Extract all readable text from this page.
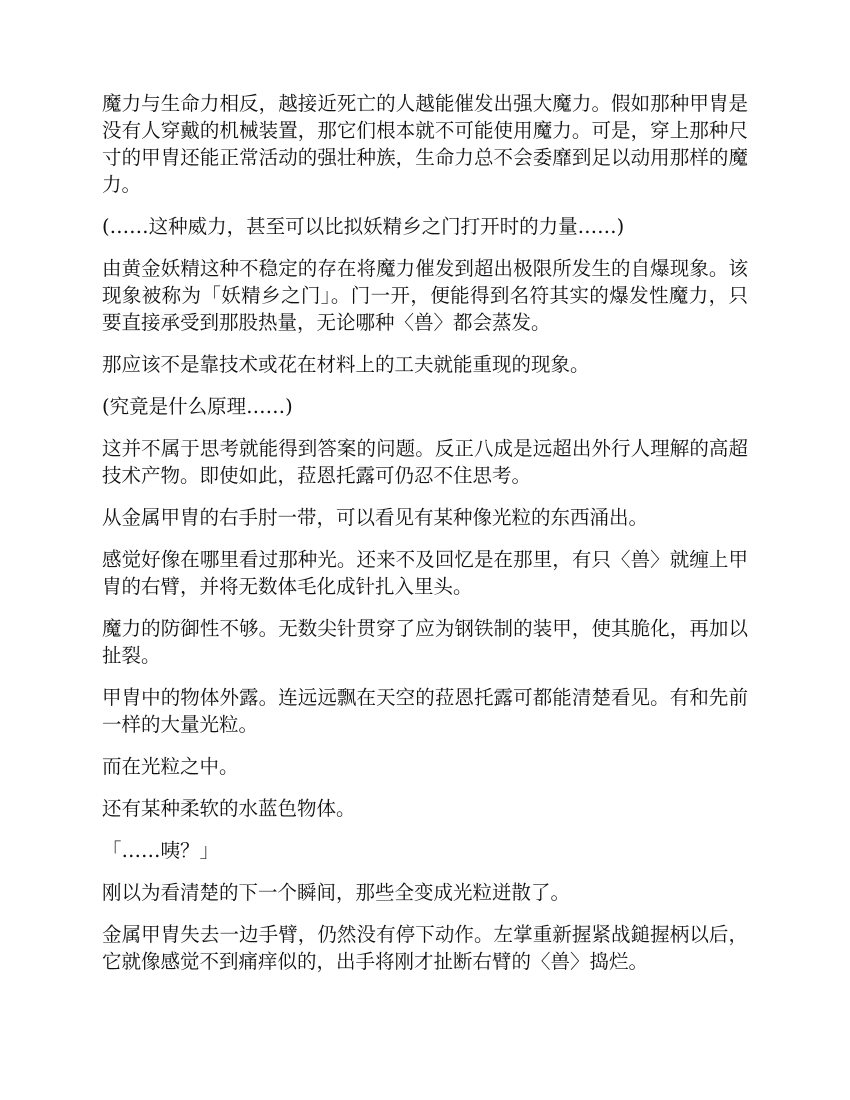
魔力与生命力相反，越接近死亡的人越能催发出强大魔力。假如那种甲胄是没有人穿戴的机械装置，那它们根本就不可能使用魔力。可是，穿上那种尺寸的甲胄还能正常活动的强壮种族，生命力总不会委靡到足以动用那样的魔力。

(……这种威力，甚至可以比拟妖精乡之门打开时的力量……)

由黄金妖精这种不稳定的存在将魔力催发到超出极限所发生的自爆现象。该现象被称为「妖精乡之门」。门一开，便能得到名符其实的爆发性魔力，只要直接承受到那股热量，无论哪种〈兽〉都会蒸发。

那应该不是靠技术或花在材料上的工夫就能重现的现象。

(究竟是什么原理……)

这并不属于思考就能得到答案的问题。反正八成是远超出外行人理解的高超技术产物。即使如此，菈恩托露可仍忍不住思考。

从金属甲胄的右手肘一带，可以看见有某种像光粒的东西涌出。

感觉好像在哪里看过那种光。还来不及回忆是在那里，有只〈兽〉就缠上甲胄的右臂，并将无数体毛化成针扎入里头。

魔力的防御性不够。无数尖针贯穿了应为钢铁制的装甲，使其脆化，再加以扯裂。

甲胄中的物体外露。连远远飘在天空的菈恩托露可都能清楚看见。有和先前一样的大量光粒。

而在光粒之中。

还有某种柔软的水蓝色物体。

「……咦？」

刚以为看清楚的下一个瞬间，那些全变成光粒迸散了。

金属甲胄失去一边手臂，仍然没有停下动作。左掌重新握紧战鎚握柄以后，它就像感觉不到痛痒似的，出手将刚才扯断右臂的〈兽〉捣烂。
